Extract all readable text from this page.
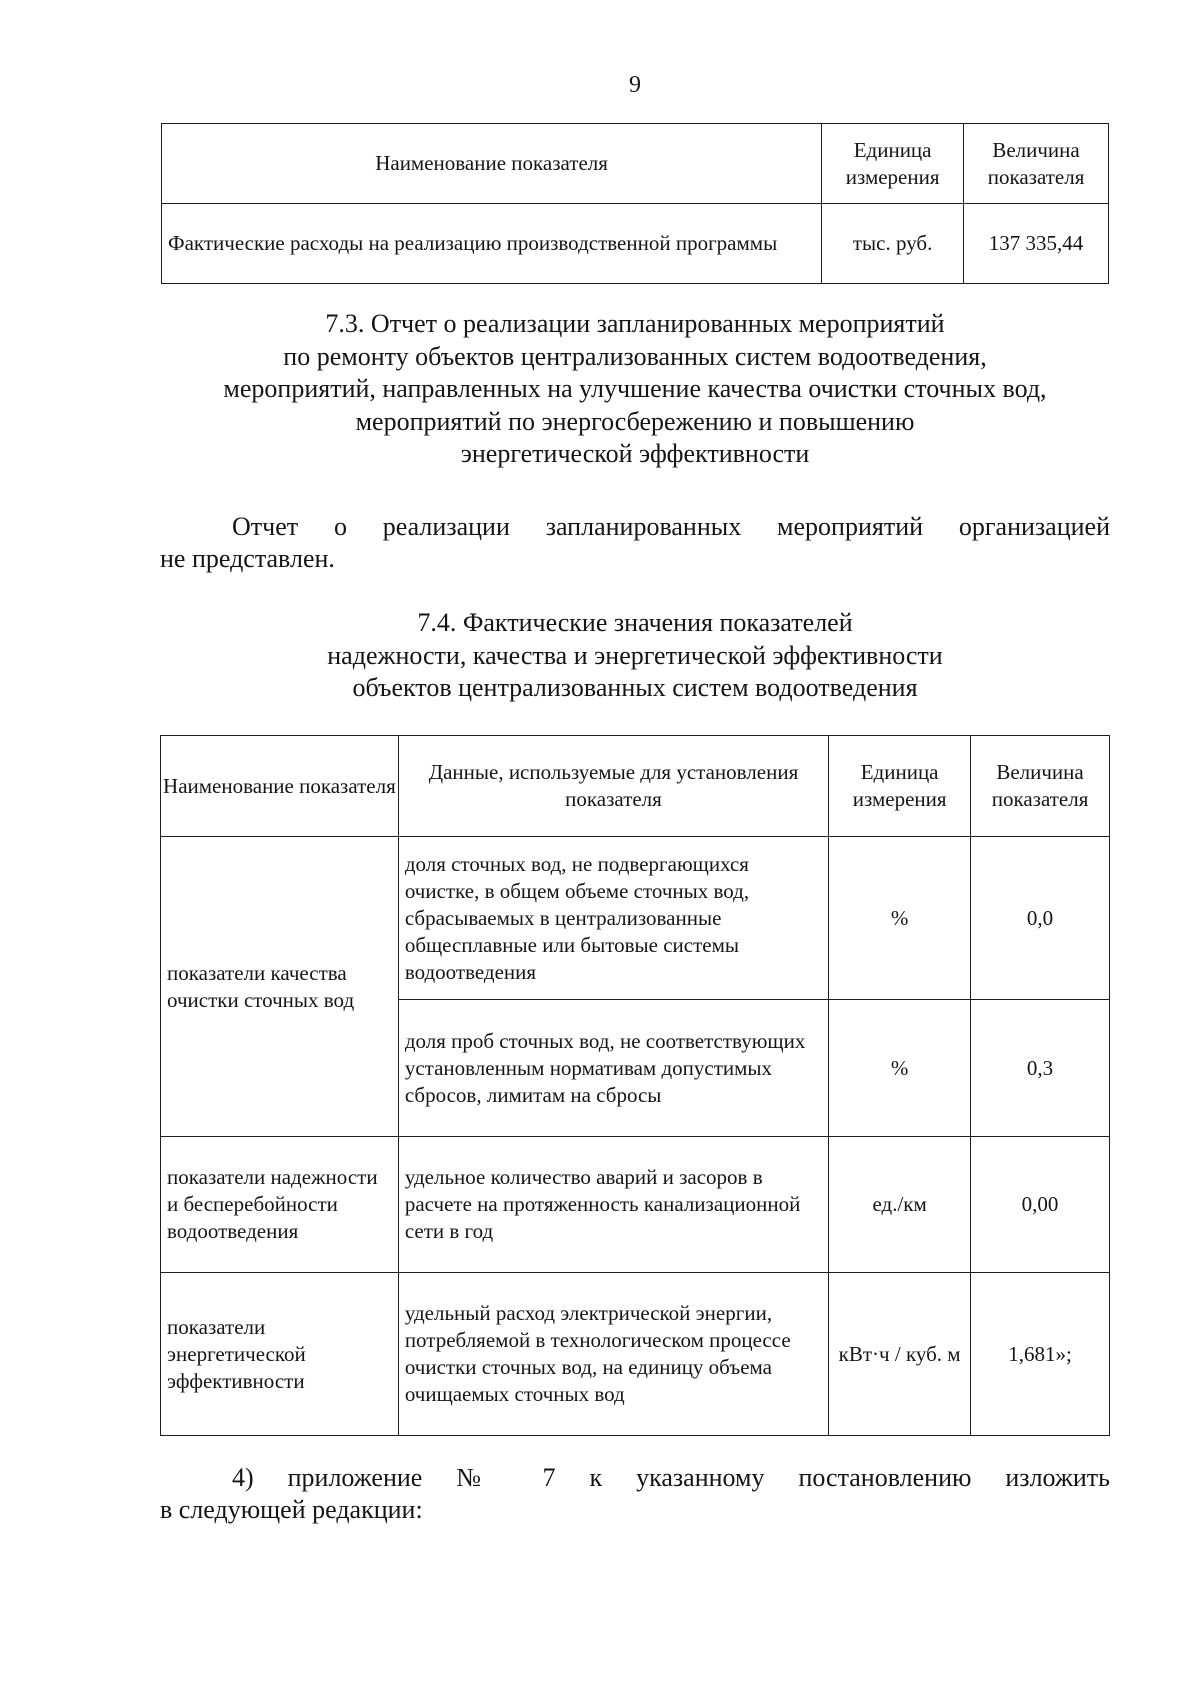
9
Наименование показателя	Единица измерения	Величина показателя
Фактические расходы на реализацию производственной программы	тыс. руб.	137 335,44
7.3. Отчет о реализации запланированных мероприятий
по ремонту объектов централизованных систем водоотведения,
мероприятий, направленных на улучшение качества очистки сточных вод,
мероприятий по энергосбережению и повышению
энергетической эффективности
Отчет о реализации запланированных мероприятий организацией
не представлен.
7.4. Фактические значения показателей
надежности, качества и энергетической эффективности
объектов централизованных систем водоотведения
Наименование показателя	Данные, используемые для установления показателя	Единица измерения	Величина показателя
показатели качества очистки сточных вод	доля сточных вод, не подвергающихся очистке, в общем объеме сточных вод, сбрасываемых в централизованные общесплавные или бытовые системы водоотведения	%	0,0
	доля проб сточных вод, не соответствующих установленным нормативам допустимых сбросов, лимитам на сбросы	%	0,3
показатели надежности и бесперебойности водоотведения	удельное количество аварий и засоров в расчете на протяженность канализационной сети в год	ед./км	0,00
показатели энергетической эффективности	удельный расход электрической энергии, потребляемой в технологическом процессе очистки сточных вод, на единицу объема очищаемых сточных вод	кВт·ч / куб. м	1,681»;
4) приложение № 7 к указанному постановлению изложить
в следующей редакции:
